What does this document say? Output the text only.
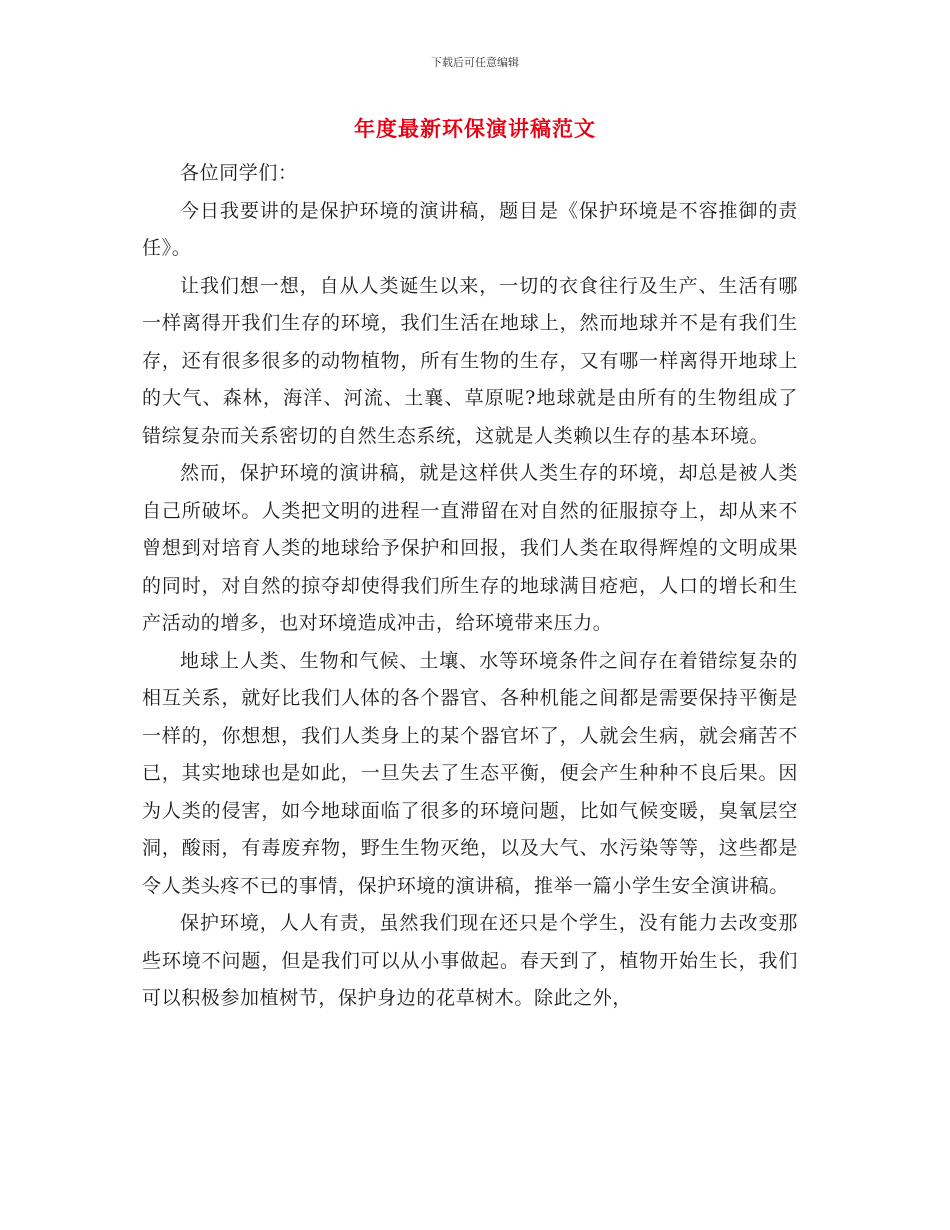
下载后可任意编辑
年度最新环保演讲稿范文

各位同学们：

今日我要讲的是保护环境的演讲稿，题目是《保护环境是不容推御的责任》。

让我们想一想，自从人类诞生以来，一切的衣食往行及生产、生活有哪一样离得开我们生存的环境，我们生活在地球上，然而地球并不是有我们生存，还有很多很多的动物植物，所有生物的生存，又有哪一样离得开地球上的大气、森林，海洋、河流、土襄、草原呢?地球就是由所有的生物组成了错综复杂而关系密切的自然生态系统，这就是人类赖以生存的基本环境。

然而，保护环境的演讲稿，就是这样供人类生存的环境，却总是被人类自己所破坏。人类把文明的进程一直滞留在对自然的征服掠夺上，却从来不曾想到对培育人类的地球给予保护和回报，我们人类在取得辉煌的文明成果的同时，对自然的掠夺却使得我们所生存的地球满目疮疤，人口的增长和生产活动的增多，也对环境造成冲击，给环境带来压力。

地球上人类、生物和气候、土壤、水等环境条件之间存在着错综复杂的相互关系，就好比我们人体的各个器官、各种机能之间都是需要保持平衡是一样的，你想想，我们人类身上的某个器官坏了，人就会生病，就会痛苦不已，其实地球也是如此，一旦失去了生态平衡，便会产生种种不良后果。因为人类的侵害，如今地球面临了很多的环境问题，比如气候变暖，臭氧层空洞，酸雨，有毒废弃物，野生生物灭绝，以及大气、水污染等等，这些都是令人类头疼不已的事情，保护环境的演讲稿，推举一篇小学生安全演讲稿。

保护环境，人人有责，虽然我们现在还只是个学生，没有能力去改变那些环境不问题，但是我们可以从小事做起。春天到了，植物开始生长，我们可以积极参加植树节，保护身边的花草树木。除此之外，
